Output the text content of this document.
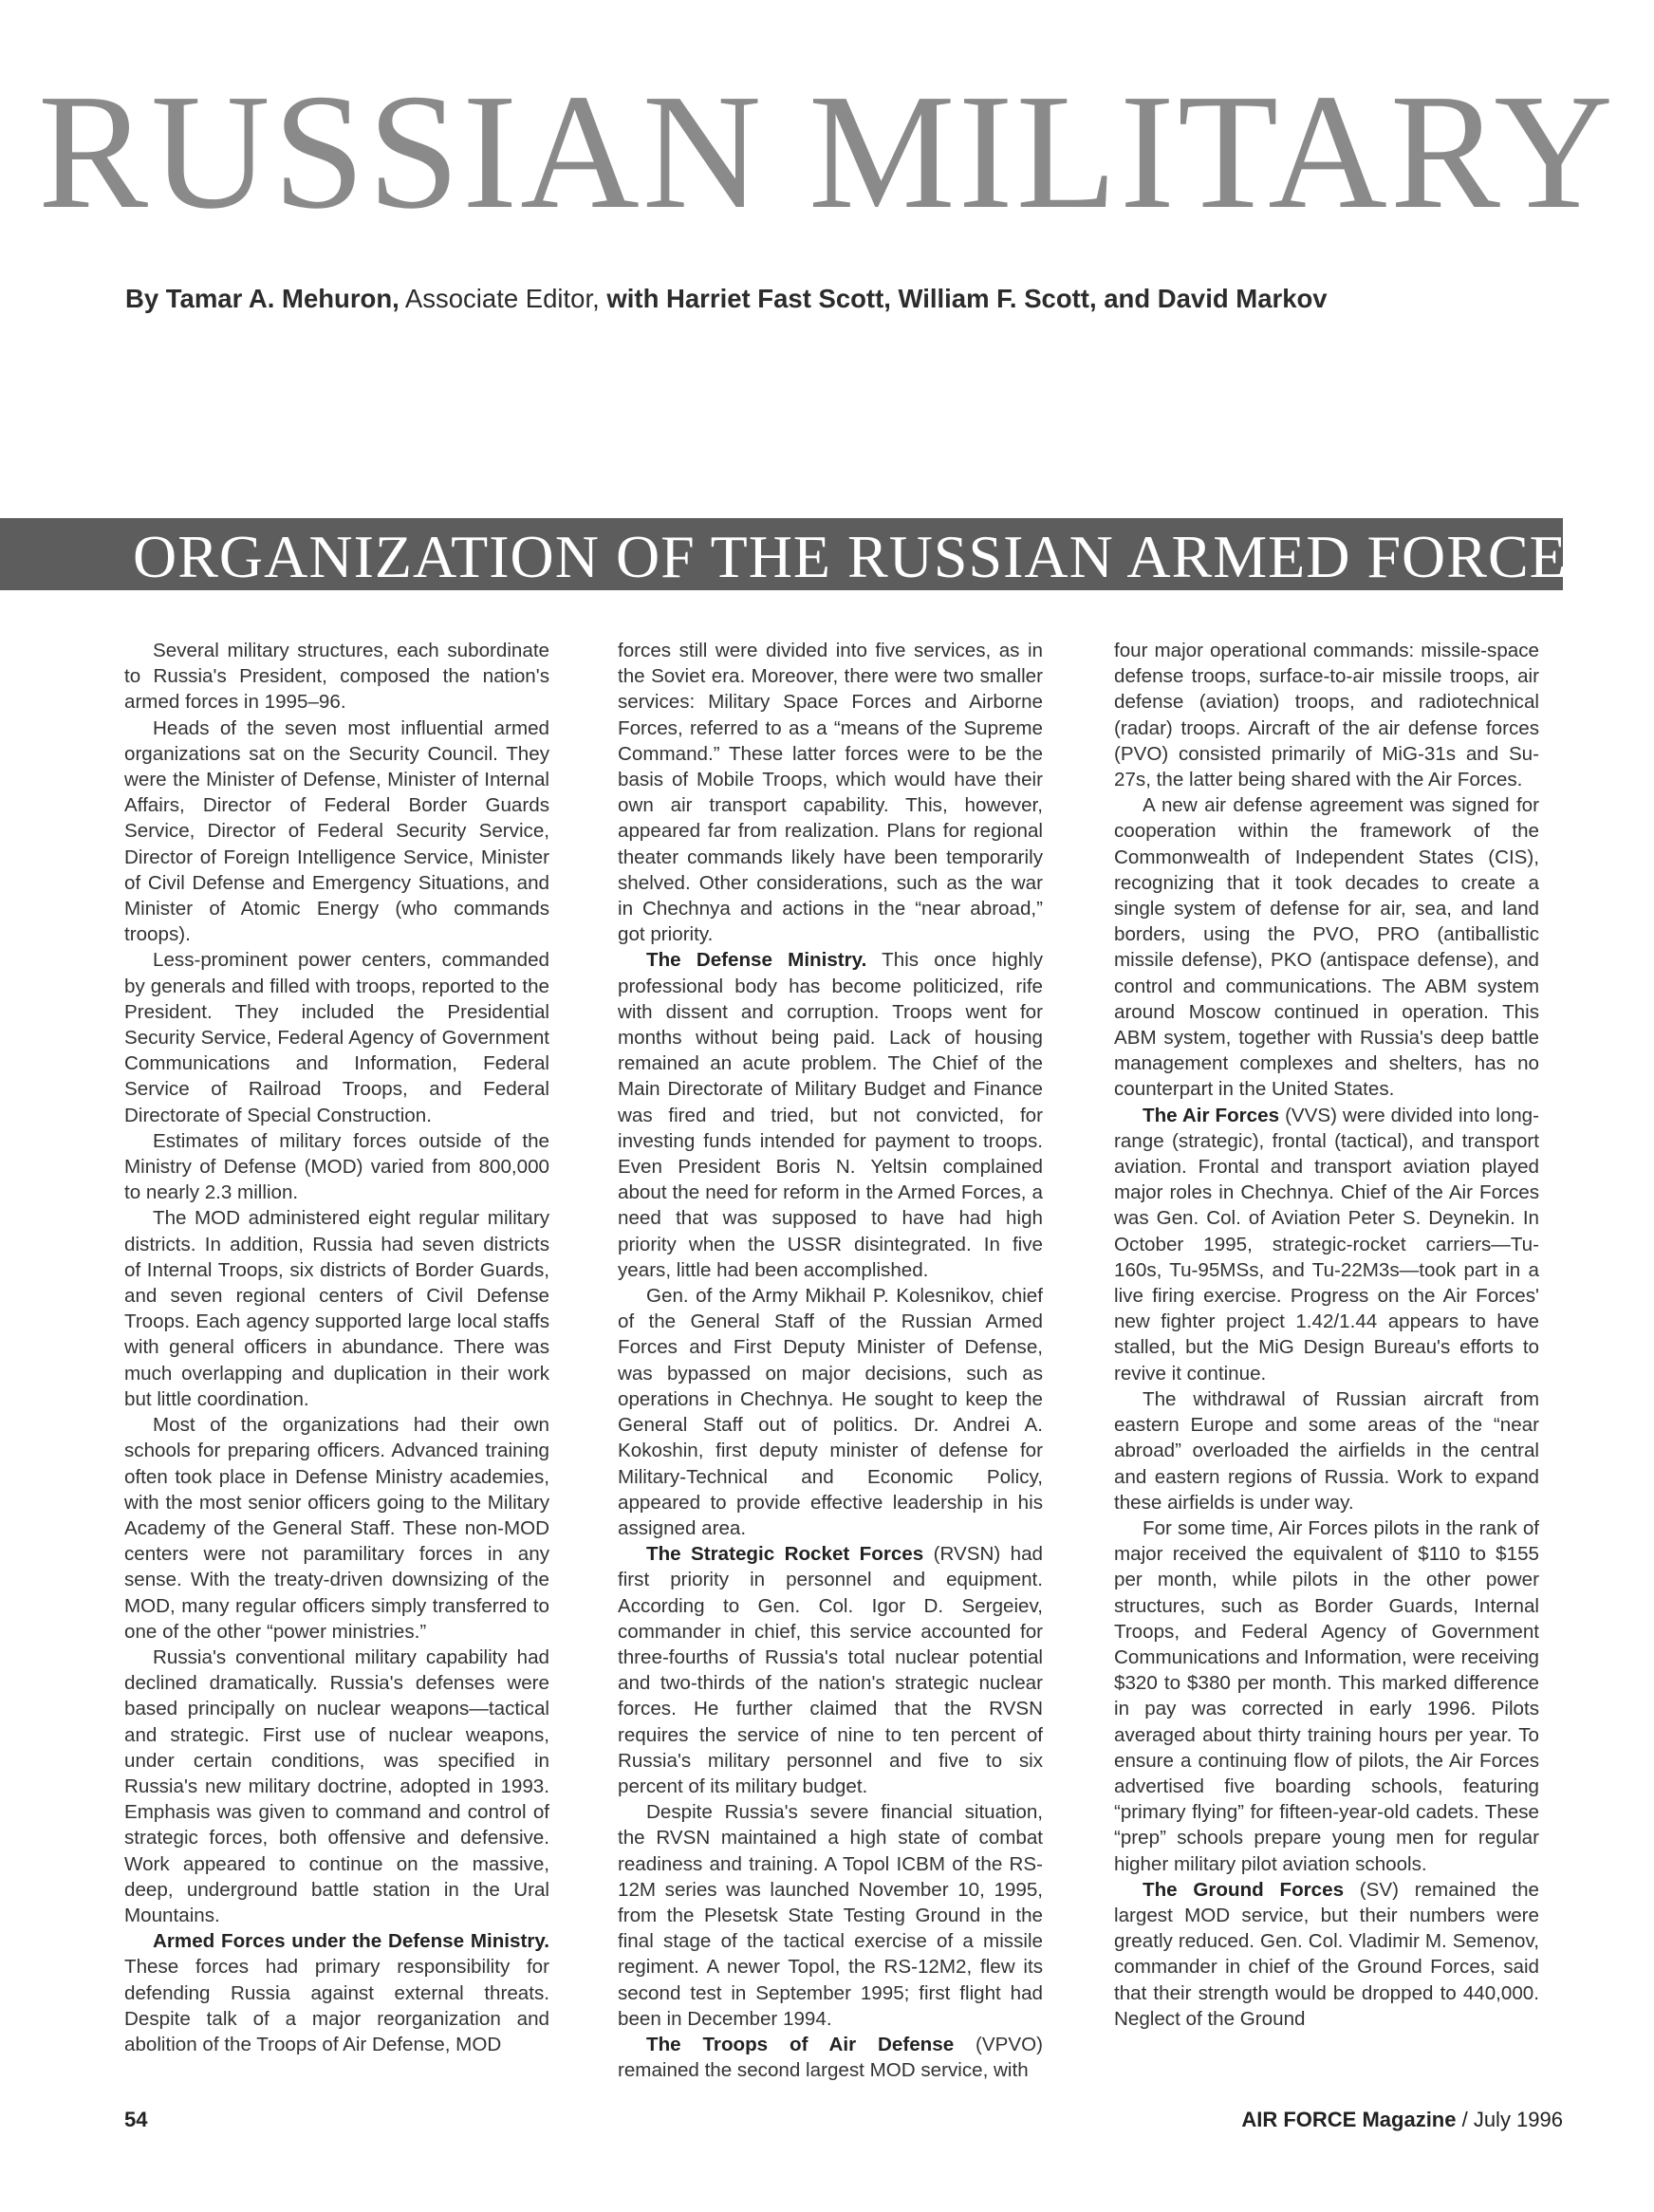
RUSSIAN MILITARY

By Tamar A. Mehuron, Associate Editor, with Harriet Fast Scott, William F. Scott, and David Markov

ORGANIZATION OF THE RUSSIAN ARMED FORCES

Several military structures, each subordinate to Russia's President, composed the nation's armed forces in 1995–96.

Heads of the seven most influential armed organizations sat on the Security Council. They were the Minister of Defense, Minister of Internal Affairs, Director of Federal Border Guards Service, Director of Federal Security Service, Director of Foreign Intelligence Service, Minister of Civil Defense and Emergency Situations, and Minister of Atomic Energy (who commands troops).

Less-prominent power centers, commanded by generals and filled with troops, reported to the President. They included the Presidential Security Service, Federal Agency of Government Communications and Information, Federal Service of Railroad Troops, and Federal Directorate of Special Construction.

Estimates of military forces outside of the Ministry of Defense (MOD) varied from 800,000 to nearly 2.3 million.

The MOD administered eight regular military districts. In addition, Russia had seven districts of Internal Troops, six districts of Border Guards, and seven regional centers of Civil Defense Troops. Each agency supported large local staffs with general officers in abundance. There was much overlapping and duplication in their work but little coordination.

Most of the organizations had their own schools for preparing officers. Advanced training often took place in Defense Ministry academies, with the most senior officers going to the Military Academy of the General Staff. These non-MOD centers were not paramilitary forces in any sense. With the treaty-driven downsizing of the MOD, many regular officers simply transferred to one of the other “power ministries.”

Russia's conventional military capability had declined dramatically. Russia's defenses were based principally on nuclear weapons—tactical and strategic. First use of nuclear weapons, under certain conditions, was specified in Russia's new military doctrine, adopted in 1993. Emphasis was given to command and control of strategic forces, both offensive and defensive. Work appeared to continue on the massive, deep, underground battle station in the Ural Mountains.

Armed Forces under the Defense Ministry. These forces had primary responsibility for defending Russia against external threats. Despite talk of a major reorganization and abolition of the Troops of Air Defense, MOD

forces still were divided into five services, as in the Soviet era. Moreover, there were two smaller services: Military Space Forces and Airborne Forces, referred to as a “means of the Supreme Command.” These latter forces were to be the basis of Mobile Troops, which would have their own air transport capability. This, however, appeared far from realization. Plans for regional theater commands likely have been temporarily shelved. Other considerations, such as the war in Chechnya and actions in the “near abroad,” got priority.

The Defense Ministry. This once highly professional body has become politicized, rife with dissent and corruption. Troops went for months without being paid. Lack of housing remained an acute problem. The Chief of the Main Directorate of Military Budget and Finance was fired and tried, but not convicted, for investing funds intended for payment to troops. Even President Boris N. Yeltsin complained about the need for reform in the Armed Forces, a need that was supposed to have had high priority when the USSR disintegrated. In five years, little had been accomplished.

Gen. of the Army Mikhail P. Kolesnikov, chief of the General Staff of the Russian Armed Forces and First Deputy Minister of Defense, was bypassed on major decisions, such as operations in Chechnya. He sought to keep the General Staff out of politics. Dr. Andrei A. Kokoshin, first deputy minister of defense for Military-Technical and Economic Policy, appeared to provide effective leadership in his assigned area.

The Strategic Rocket Forces (RVSN) had first priority in personnel and equipment. According to Gen. Col. Igor D. Sergeiev, commander in chief, this service accounted for three-fourths of Russia's total nuclear potential and two-thirds of the nation's strategic nuclear forces. He further claimed that the RVSN requires the service of nine to ten percent of Russia's military personnel and five to six percent of its military budget.

Despite Russia's severe financial situation, the RVSN maintained a high state of combat readiness and training. A Topol ICBM of the RS-12M series was launched November 10, 1995, from the Plesetsk State Testing Ground in the final stage of the tactical exercise of a missile regiment. A newer Topol, the RS-12M2, flew its second test in September 1995; first flight had been in December 1994.

The Troops of Air Defense (VPVO) remained the second largest MOD service, with

four major operational commands: missile-space defense troops, surface-to-air missile troops, air defense (aviation) troops, and radiotechnical (radar) troops. Aircraft of the air defense forces (PVO) consisted primarily of MiG-31s and Su-27s, the latter being shared with the Air Forces.

A new air defense agreement was signed for cooperation within the framework of the Commonwealth of Independent States (CIS), recognizing that it took decades to create a single system of defense for air, sea, and land borders, using the PVO, PRO (antiballistic missile defense), PKO (antispace defense), and control and communications. The ABM system around Moscow continued in operation. This ABM system, together with Russia's deep battle management complexes and shelters, has no counterpart in the United States.

The Air Forces (VVS) were divided into long-range (strategic), frontal (tactical), and transport aviation. Frontal and transport aviation played major roles in Chechnya. Chief of the Air Forces was Gen. Col. of Aviation Peter S. Deynekin. In October 1995, strategic-rocket carriers—Tu-160s, Tu-95MSs, and Tu-22M3s—took part in a live firing exercise. Progress on the Air Forces' new fighter project 1.42/1.44 appears to have stalled, but the MiG Design Bureau's efforts to revive it continue.

The withdrawal of Russian aircraft from eastern Europe and some areas of the “near abroad” overloaded the airfields in the central and eastern regions of Russia. Work to expand these airfields is under way.

For some time, Air Forces pilots in the rank of major received the equivalent of $110 to $155 per month, while pilots in the other power structures, such as Border Guards, Internal Troops, and Federal Agency of Government Communications and Information, were receiving $320 to $380 per month. This marked difference in pay was corrected in early 1996. Pilots averaged about thirty training hours per year. To ensure a continuing flow of pilots, the Air Forces advertised five boarding schools, featuring “primary flying” for fifteen-year-old cadets. These “prep” schools prepare young men for regular higher military pilot aviation schools.

The Ground Forces (SV) remained the largest MOD service, but their numbers were greatly reduced. Gen. Col. Vladimir M. Semenov, commander in chief of the Ground Forces, said that their strength would be dropped to 440,000. Neglect of the Ground

54	AIR FORCE Magazine / July 1996
